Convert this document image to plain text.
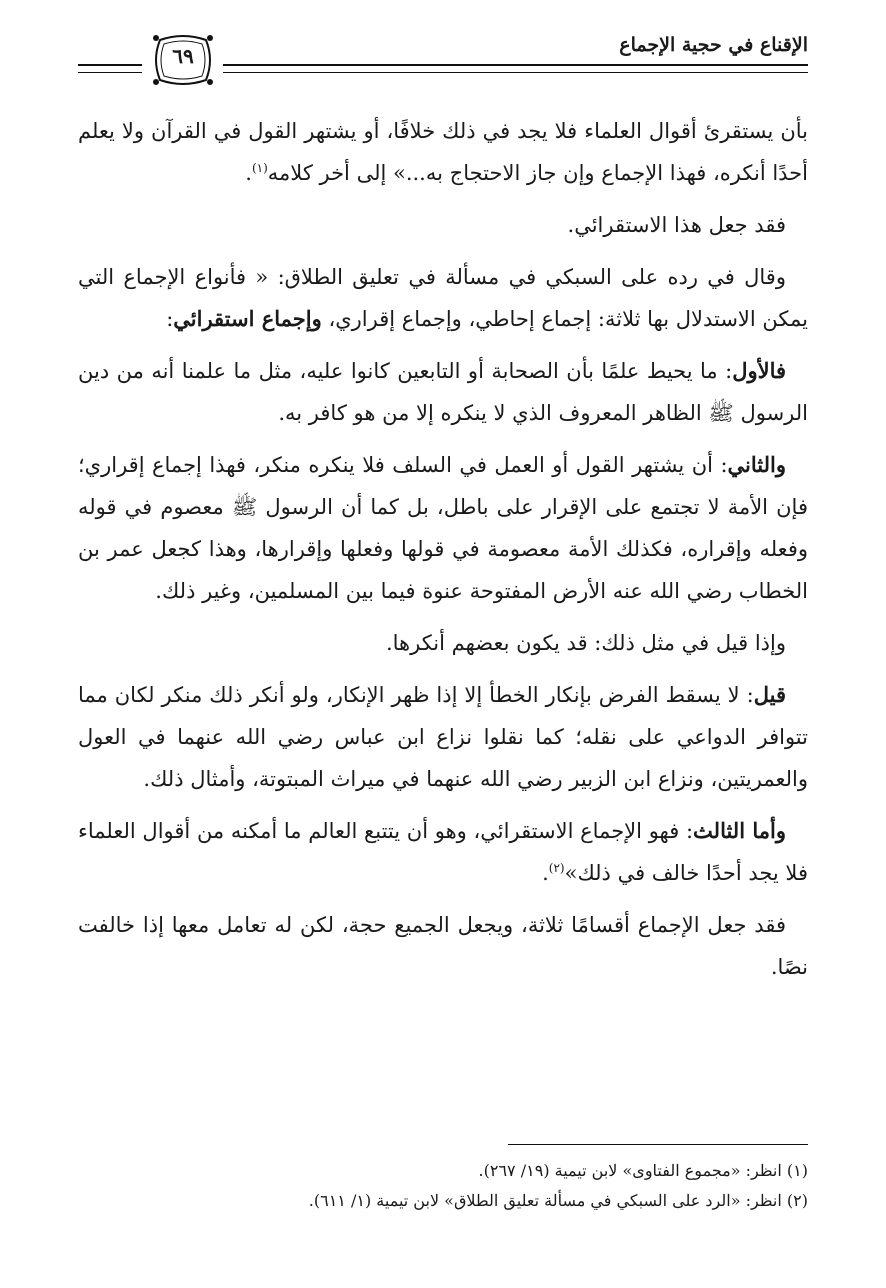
الإقناع في حجية الإجماع
٦٩

بأن يستقرئ أقوال العلماء فلا يجد في ذلك خلافًا، أو يشتهر القول في القرآن ولا يعلم أحدًا أنكره، فهذا الإجماع وإن جاز الاحتجاج به...» إلى أخر كلامه$^{(١)}$.

فقد جعل هذا الاستقرائي.

وقال في رده على السبكي في مسألة في تعليق الطلاق: « فأنواع الإجماع التي يمكن الاستدلال بها ثلاثة: إجماع إحاطي، وإجماع إقراري، وإجماع استقرائي:

فالأول: ما يحيط علمًا بأن الصحابة أو التابعين كانوا عليه، مثل ما علمنا أنه من دين الرسول ﷺ الظاهر المعروف الذي لا ينكره إلا من هو كافر به.

والثاني: أن يشتهر القول أو العمل في السلف فلا ينكره منكر، فهذا إجماع إقراري؛ فإن الأمة لا تجتمع على الإقرار على باطل، بل كما أن الرسول ﷺ معصوم في قوله وفعله وإقراره، فكذلك الأمة معصومة في قولها وفعلها وإقرارها، وهذا كجعل عمر بن الخطاب رضي الله عنه الأرض المفتوحة عنوة فيما بين المسلمين، وغير ذلك.

وإذا قيل في مثل ذلك: قد يكون بعضهم أنكرها.

قيل: لا يسقط الفرض بإنكار الخطأ إلا إذا ظهر الإنكار، ولو أنكر ذلك منكر لكان مما تتوافر الدواعي على نقله؛ كما نقلوا نزاع ابن عباس رضي الله عنهما في العول والعمريتين، ونزاع ابن الزبير رضي الله عنهما في ميراث المبتوتة، وأمثال ذلك.

وأما الثالث: فهو الإجماع الاستقرائي، وهو أن يتتبع العالم ما أمكنه من أقوال العلماء فلا يجد أحدًا خالف في ذلك»$^{(٢)}$.

فقد جعل الإجماع أقسامًا ثلاثة، ويجعل الجميع حجة، لكن له تعامل معها إذا خالفت نصًا.

(١) انظر: «مجموع الفتاوى» لابن تيمية (١٩/ ٢٦٧).

(٢) انظر: «الرد على السبكي في مسألة تعليق الطلاق» لابن تيمية (١/ ٦١١).
